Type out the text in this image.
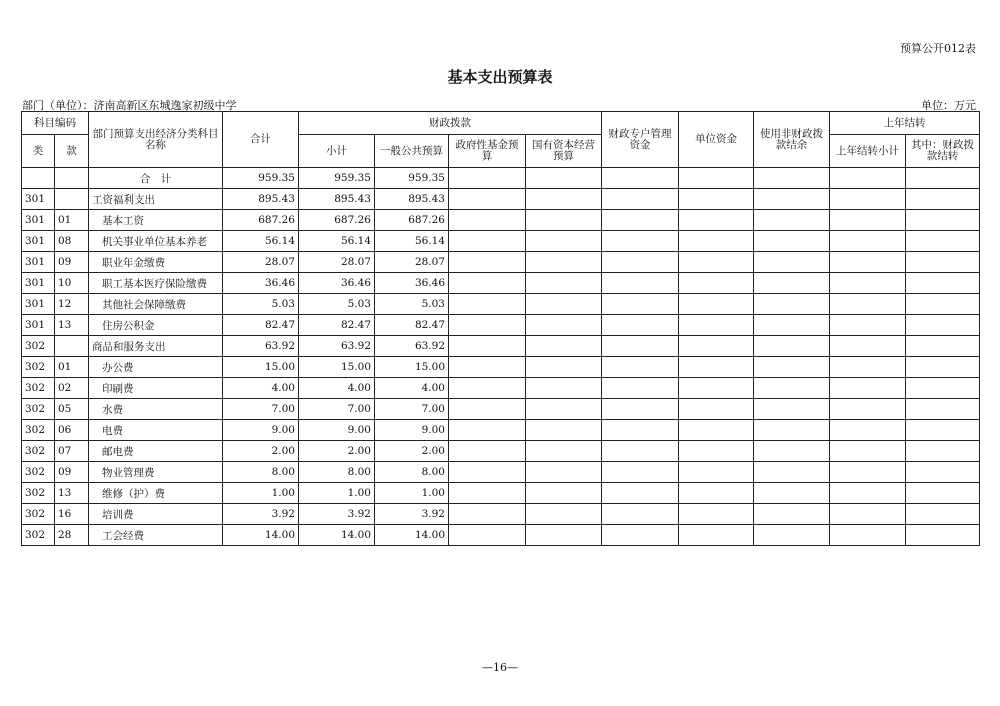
预算公开012表
基本支出预算表
部门（单位）：济南高新区东城逸家初级中学	单位：万元
科目编码		部门预算支出经济分类科目名称	合计	财政拨款				财政专户管理资金	单位资金	使用非财政拨款结余	上年结转	
类	款			小计	一般公共预算	政府性基金预算	国有资本经营预算				上年结转小计	其中：财政拨款结转
		合　计	959.35	959.35	959.35							
301		工资福利支出	895.43	895.43	895.43							
301	01	基本工资	687.26	687.26	687.26							
301	08	机关事业单位基本养老	56.14	56.14	56.14							
301	09	职业年金缴费	28.07	28.07	28.07							
301	10	职工基本医疗保险缴费	36.46	36.46	36.46							
301	12	其他社会保障缴费	5.03	5.03	5.03							
301	13	住房公积金	82.47	82.47	82.47							
302		商品和服务支出	63.92	63.92	63.92							
302	01	办公费	15.00	15.00	15.00							
302	02	印刷费	4.00	4.00	4.00							
302	05	水费	7.00	7.00	7.00							
302	06	电费	9.00	9.00	9.00							
302	07	邮电费	2.00	2.00	2.00							
302	09	物业管理费	8.00	8.00	8.00							
302	13	维修（护）费	1.00	1.00	1.00							
302	16	培训费	3.92	3.92	3.92							
302	28	工会经费	14.00	14.00	14.00							
—16—
